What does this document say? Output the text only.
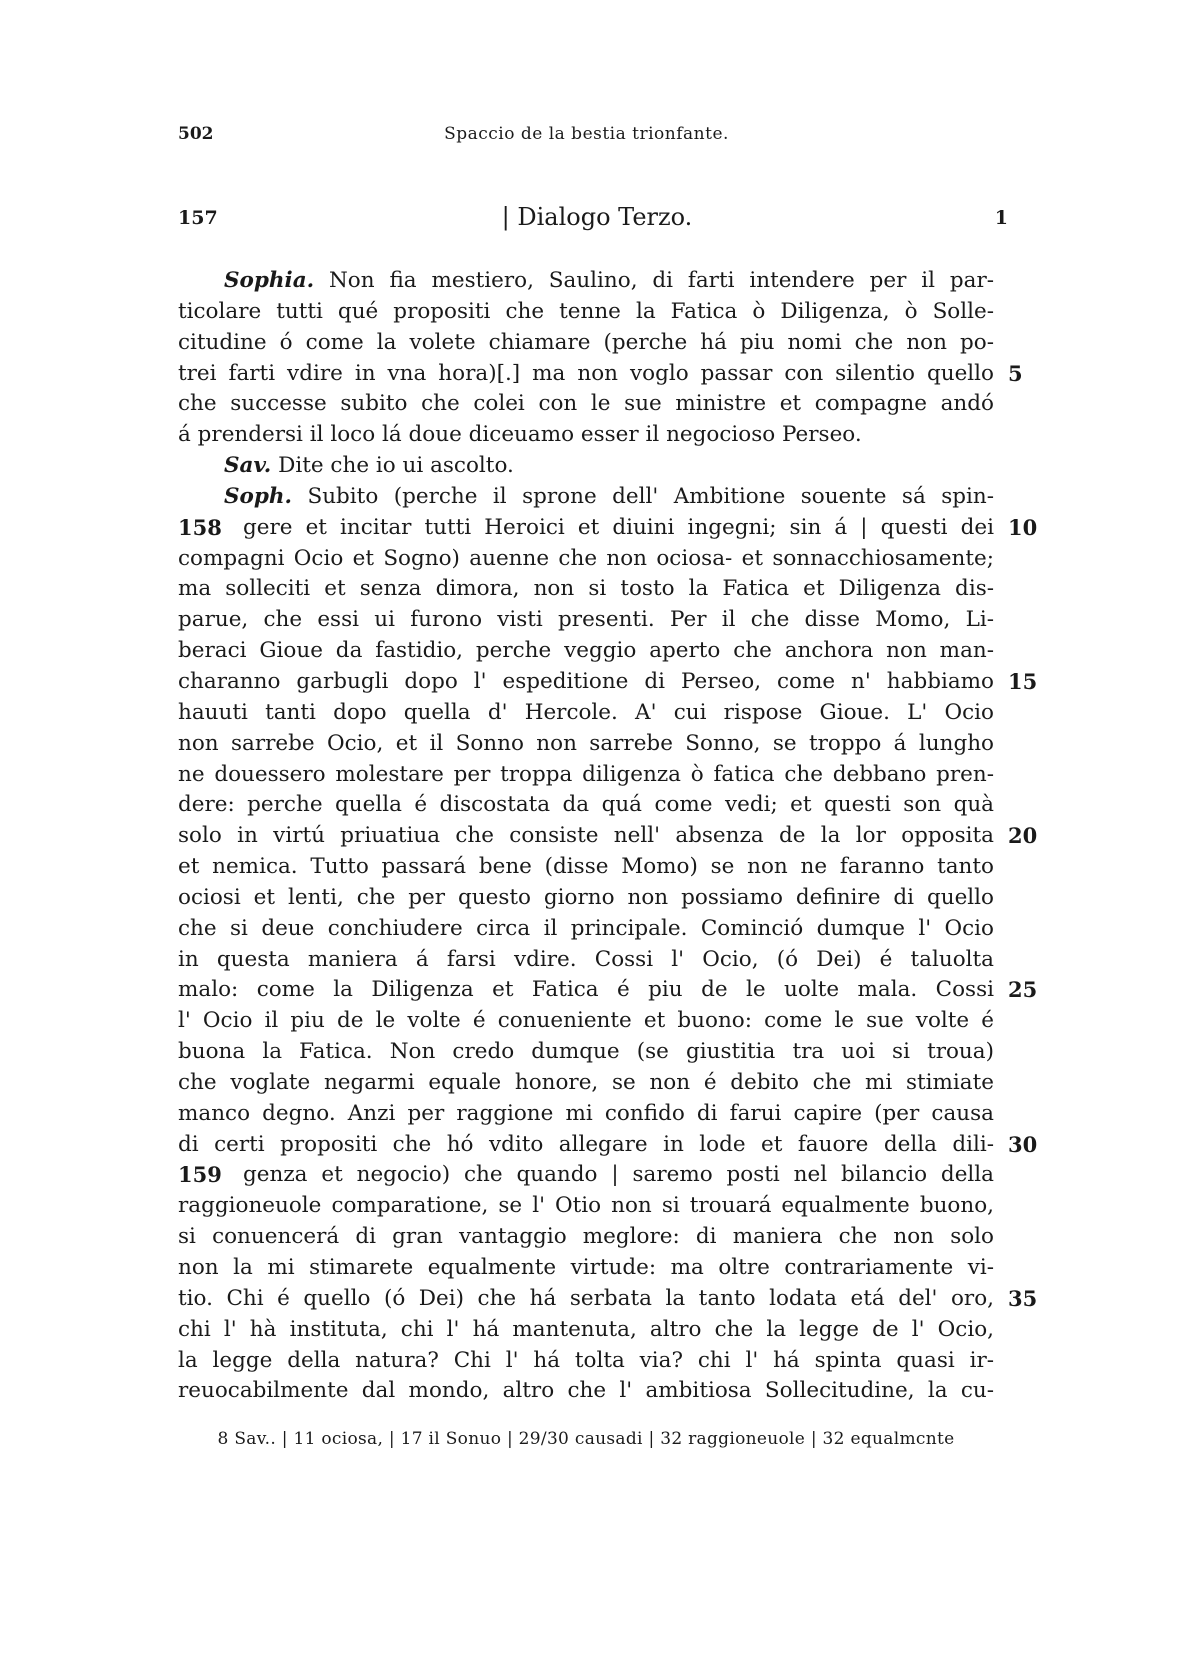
502	Spaccio de la bestia trionfante.
157	| Dialogo Terzo.	1
Sophia. Non fia mestiero, Saulino, di farti intendere per il par-
ticolare tutti qué propositi che tenne la Fatica ò Diligenza, ò Solle-
citudine ó come la volete chiamare (perche há piu nomi che non po-
trei farti vdire in vna hora)[.] ma non voglo passar con silentio quello 5
che successe subito che colei con le sue ministre et compagne andó
á prendersi il loco lá doue diceuamo esser il negocioso Perseo.
Sav. Dite che io ui ascolto.
Soph. Subito (perche il sprone dell' Ambitione souente sá spin-
158 gere et incitar tutti Heroici et diuini ingegni; sin á | questi dei 10
compagni Ocio et Sogno) auenne che non ociosa- et sonnacchiosamente;
ma solleciti et senza dimora, non si tosto la Fatica et Diligenza dis-
parue, che essi ui furono visti presenti. Per il che disse Momo, Li-
beraci Gioue da fastidio, perche veggio aperto che anchora non man-
charanno garbugli dopo l' espeditione di Perseo, come n' habbiamo 15
hauuti tanti dopo quella d' Hercole. A' cui rispose Gioue. L' Ocio
non sarrebe Ocio, et il Sonno non sarrebe Sonno, se troppo á lungho
ne douessero molestare per troppa diligenza ò fatica che debbano pren-
dere: perche quella é discostata da quá come vedi; et questi son quà
solo in virtú priuatiua che consiste nell' absenza de la lor opposita 20
et nemica. Tutto passará bene (disse Momo) se non ne faranno tanto
ociosi et lenti, che per questo giorno non possiamo definire di quello
che si deue conchiudere circa il principale. Cominció dumque l' Ocio
in questa maniera á farsi vdire. Cossi l' Ocio, (ó Dei) é taluolta
malo: come la Diligenza et Fatica é piu de le uolte mala. Cossi 25
l' Ocio il piu de le volte é conueniente et buono: come le sue volte é
buona la Fatica. Non credo dumque (se giustitia tra uoi si troua)
che voglate negarmi equale honore, se non é debito che mi stimiate
manco degno. Anzi per raggione mi confido di farui capire (per causa
di certi propositi che hó vdito allegare in lode et fauore della dili- 30
159 genza et negocio) che quando | saremo posti nel bilancio della
raggioneuole comparatione, se l' Otio non si trouará equalmente buono,
si conuencerá di gran vantaggio meglore: di maniera che non solo
non la mi stimarete equalmente virtude: ma oltre contrariamente vi-
tio. Chi é quello (ó Dei) che há serbata la tanto lodata etá del' oro, 35
chi l' hà instituta, chi l' há mantenuta, altro che la legge de l' Ocio,
la legge della natura? Chi l' há tolta via? chi l' há spinta quasi ir-
reuocabilmente dal mondo, altro che l' ambitiosa Sollecitudine, la cu-
8 Sav.. | 11 ociosa, | 17 il Sonuo | 29/30 causadi | 32 raggioneuole | 32 equalmcnte
